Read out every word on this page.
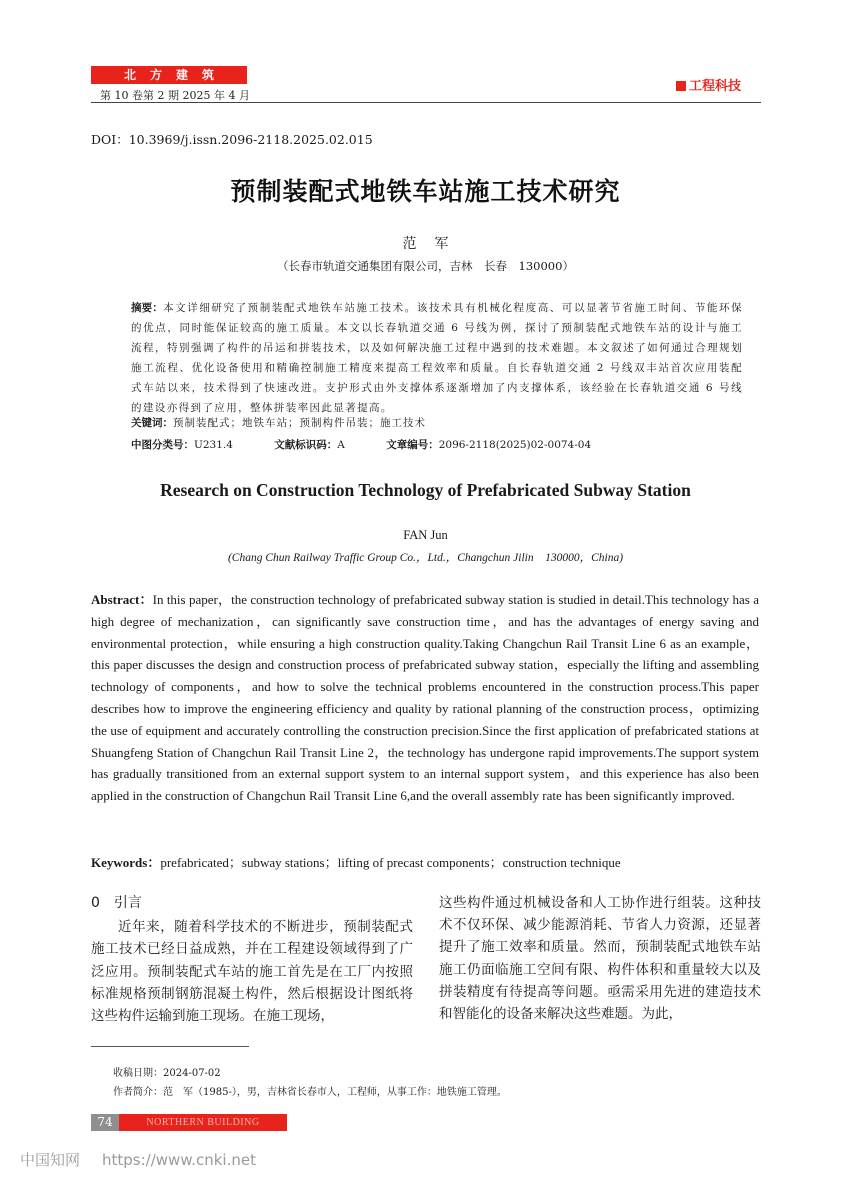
北方建筑
第 10 卷第 2 期 2025 年 4 月
工程科技
DOI：10.3969/j.issn.2096-2118.2025.02.015
预制装配式地铁车站施工技术研究
范军
（长春市轨道交通集团有限公司，吉林　长春　130000）
摘要：本文详细研究了预制装配式地铁车站施工技术。该技术具有机械化程度高、可以显著节省施工时间、节能环保的优点，同时能保证较高的施工质量。本文以长春轨道交通 6 号线为例，探讨了预制装配式地铁车站的设计与施工流程，特别强调了构件的吊运和拼装技术，以及如何解决施工过程中遇到的技术难题。本文叙述了如何通过合理规划施工流程、优化设备使用和精确控制施工精度来提高工程效率和质量。自长春轨道交通 2 号线双丰站首次应用装配式车站以来，技术得到了快速改进。支护形式由外支撑体系逐渐增加了内支撑体系，该经验在长春轨道交通 6 号线的建设亦得到了应用，整体拼装率因此显著提高。
关键词：预制装配式；地铁车站；预制构件吊装；施工技术
中图分类号：U231.4	文献标识码：A	文章编号：2096-2118(2025)02-0074-04
Research on Construction Technology of Prefabricated Subway Station
FAN Jun
(Chang Chun Railway Traffic Group Co.，Ltd.，Changchun Jilin　130000，China)
Abstract：In this paper，the construction technology of prefabricated subway station is studied in detail.This technology has a high degree of mechanization，can significantly save construction time，and has the advantages of energy saving and environmental protection，while ensuring a high construction quality.Taking Changchun Rail Transit Line 6 as an example，this paper discusses the design and construction process of prefabricated subway station，especially the lifting and assembling technology of components，and how to solve the technical problems encountered in the construction process.This paper describes how to improve the engineering efficiency and quality by rational planning of the construction process，optimizing the use of equipment and accurately controlling the construction precision.Since the first application of prefabricated stations at Shuangfeng Station of Changchun Rail Transit Line 2，the technology has undergone rapid improvements.The support system has gradually transitioned from an external support system to an internal support system，and this experience has also been applied in the construction of Changchun Rail Transit Line 6,and the overall assembly rate has been significantly improved.
Keywords：prefabricated；subway stations；lifting of precast components；construction technique
0　引言
近年来，随着科学技术的不断进步，预制装配式施工技术已经日益成熟，并在工程建设领域得到了广泛应用。预制装配式车站的施工首先是在工厂内按照标准规格预制钢筋混凝土构件，然后根据设计图纸将这些构件运输到施工现场。在施工现场，
这些构件通过机械设备和人工协作进行组装。这种技术不仅环保、减少能源消耗、节省人力资源，还显著提升了施工效率和质量。然而，预制装配式地铁车站施工仍面临施工空间有限、构件体积和重量较大以及拼装精度有待提高等问题。亟需采用先进的建造技术和智能化的设备来解决这些难题。为此，
收稿日期：2024-07-02
作者简介：范　军（1985-），男，吉林省长春市人，工程师，从事工作：地铁施工管理。
74	NORTHERN BUILDING
中国知网 https://www.cnki.net
